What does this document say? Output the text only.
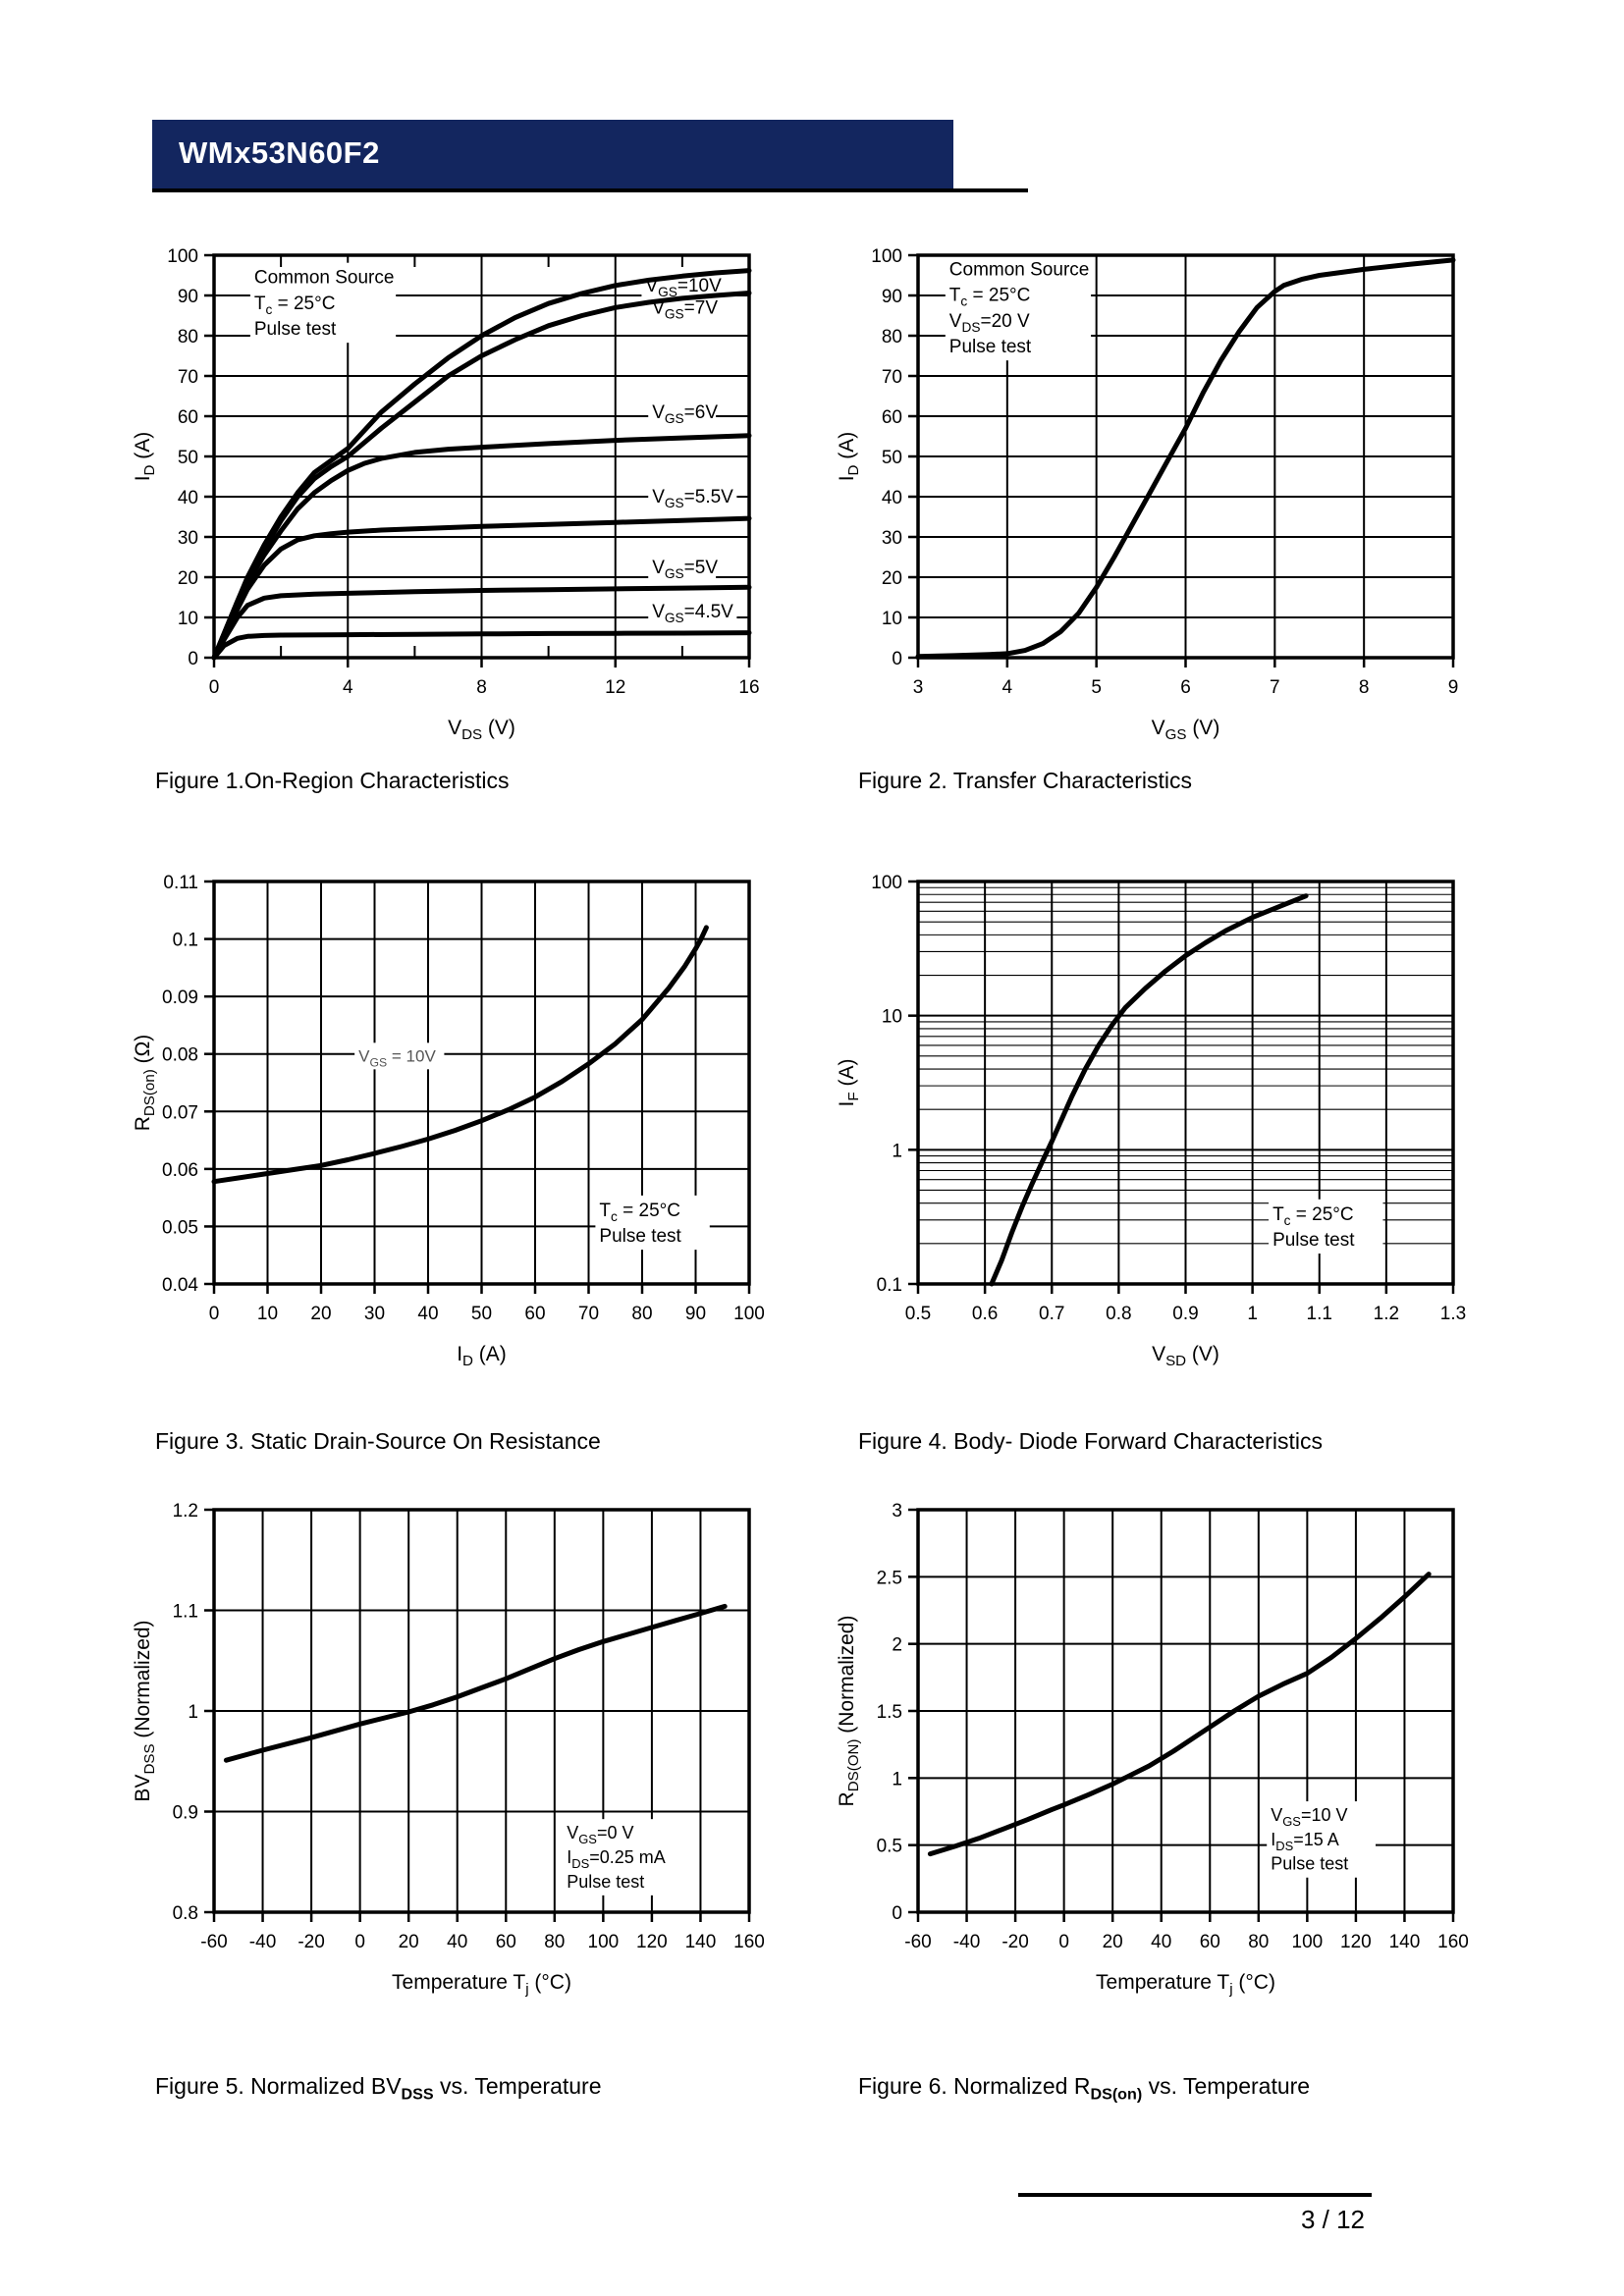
WMx53N60F2
0	4	8	12	16
0
10
20
30
40
50
60
70
80
90
100
$V_{DS}$ (V)
$I_D$ (A)
Common Source
$T_c = 25^\circ C$
Pulse test
$V_{GS}=10V$
$V_{GS}=7V$
$V_{GS}=6V$
$V_{GS}=5.5V$
$V_{GS}=5V$
$V_{GS}=4.5V$
3	4	5	6	7	8	9
0
10
20
30
40
50
60
70
80
90
100
$V_{GS}$ (V)
$I_D$ (A)
Common Source
$T_c = 25^\circ C$
$V_{DS}=20$ V
Pulse test
0 10 20 30 40 50 60 70 80 90 100
0.04
0.05
0.06
0.07
0.08
0.09
0.1
0.11
$I_D$ (A)
$R_{DS(on)}$ (Ω)	$V_{GS} = 10V$
$T_c = 25^\circ C$
Pulse test
0.5 0.6 0.7 0.8 0.9	1	1.1 1.2 1.3
0.1
1
10
100
$V_{SD}$ (V)
$I_F$ (A)
$T_c = 25^\circ C$
Pulse test
-60 -40 -20 0 20 40 60 80 100 120 140 160
0.8
0.9
1
1.1
1.2
Temperature $T_j$ (°C)
$BV_{DSS}$ (Normalized)
$V_{GS}=0$ V
$I_{DS}=0.25$ mA
Pulse test
-60 -40 -20 0 20 40 60 80 100 120 140 160
0
0.5
1
1.5
2
2.5
3
Temperature $T_j$ (°C)
$R_{DS(ON)}$ (Normalized)
$V_{GS}=10$ V
$I_{DS}=15$ A
Pulse test
Figure 1.On-Region Characteristics	Figure 2. Transfer Characteristics
Figure 3. Static Drain-Source On Resistance	Figure 4. Body- Diode Forward Characteristics
Figure 5. Normalized $BV_{DSS}$ vs. Temperature	Figure 6. Normalized $R_{DS(on)}$ vs. Temperature
3 / 12
